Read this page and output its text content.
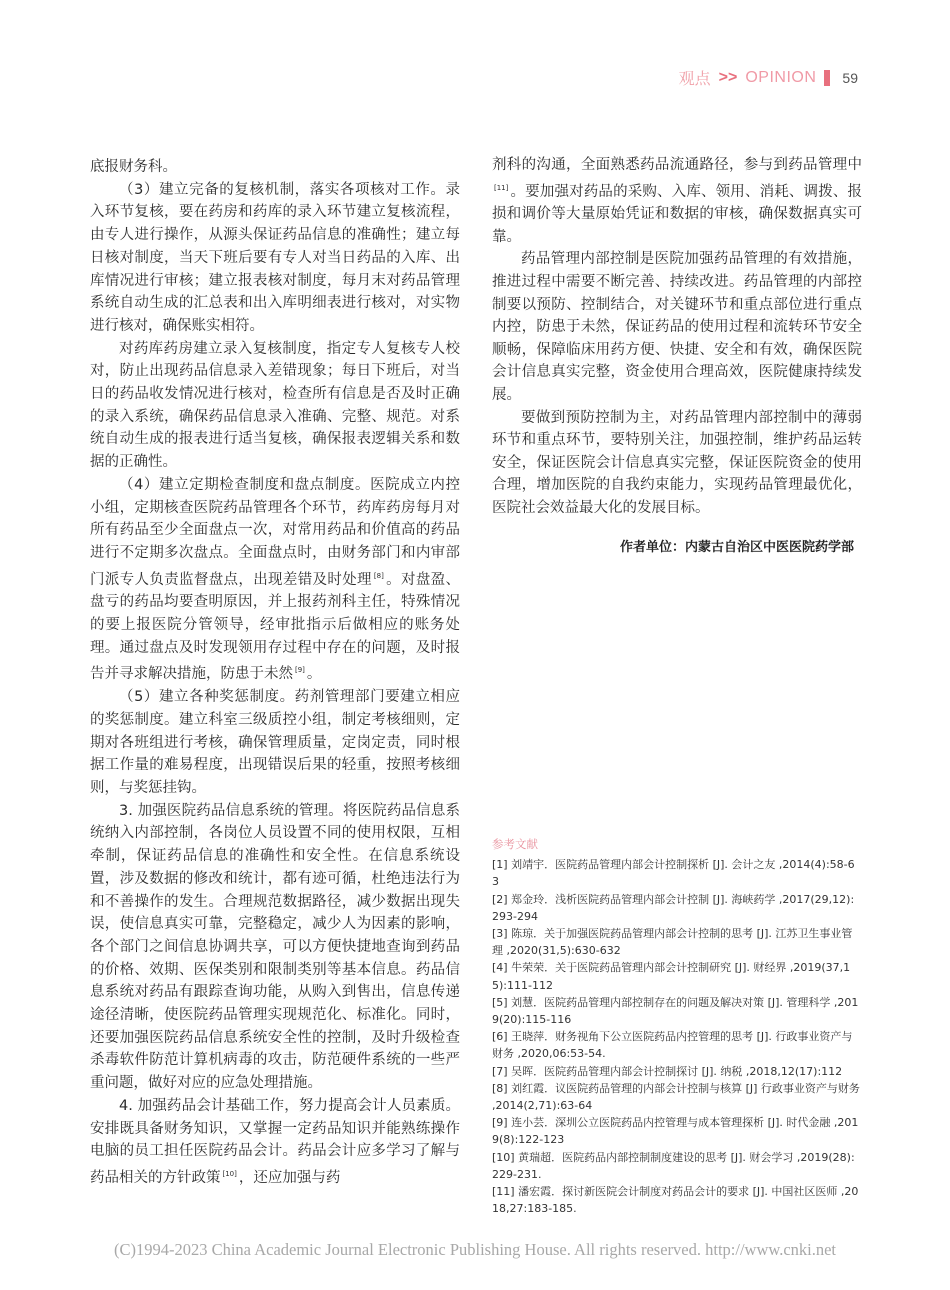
观点 >> OPINION 59

底报财务科。

（3）建立完备的复核机制，落实各项核对工作。录入环节复核，要在药房和药库的录入环节建立复核流程，由专人进行操作，从源头保证药品信息的准确性；建立每日核对制度，当天下班后要有专人对当日药品的入库、出库情况进行审核；建立报表核对制度，每月末对药品管理系统自动生成的汇总表和出入库明细表进行核对，对实物进行核对，确保账实相符。

对药库药房建立录入复核制度，指定专人复核专人校对，防止出现药品信息录入差错现象；每日下班后，对当日的药品收发情况进行核对，检查所有信息是否及时正确的录入系统，确保药品信息录入准确、完整、规范。对系统自动生成的报表进行适当复核，确保报表逻辑关系和数据的正确性。

（4）建立定期检查制度和盘点制度。医院成立内控小组，定期核查医院药品管理各个环节，药库药房每月对所有药品至少全面盘点一次，对常用药品和价值高的药品进行不定期多次盘点。全面盘点时，由财务部门和内审部门派专人负责监督盘点，出现差错及时处理 [8] 。对盘盈、盘亏的药品均要查明原因，并上报药剂科主任，特殊情况的要上报医院分管领导，经审批指示后做相应的账务处理。通过盘点及时发现领用存过程中存在的问题，及时报告并寻求解决措施，防患于未然 [9] 。

（5）建立各种奖惩制度。药剂管理部门要建立相应的奖惩制度。建立科室三级质控小组，制定考核细则，定期对各班组进行考核，确保管理质量，定岗定责，同时根据工作量的难易程度，出现错误后果的轻重，按照考核细则，与奖惩挂钩。

3. 加强医院药品信息系统的管理。将医院药品信息系统纳入内部控制，各岗位人员设置不同的使用权限，互相牵制，保证药品信息的准确性和安全性。在信息系统设置，涉及数据的修改和统计，都有迹可循，杜绝违法行为和不善操作的发生。合理规范数据路径，减少数据出现失误，使信息真实可靠，完整稳定，减少人为因素的影响，各个部门之间信息协调共享，可以方便快捷地查询到药品的价格、效期、医保类别和限制类别等基本信息。药品信息系统对药品有跟踪查询功能，从购入到售出，信息传递途径清晰，使医院药品管理实现规范化、标准化。同时，还要加强医院药品信息系统安全性的控制，及时升级检查杀毒软件防范计算机病毒的攻击，防范硬件系统的一些严重问题，做好对应的应急处理措施。

4. 加强药品会计基础工作，努力提高会计人员素质。安排既具备财务知识，又掌握一定药品知识并能熟练操作电脑的员工担任医院药品会计。药品会计应多学习了解与药品相关的方针政策 [10] ，还应加强与药

剂科的沟通，全面熟悉药品流通路径，参与到药品管理中[11] 。要加强对药品的采购、入库、领用、消耗、调拨、报损和调价等大量原始凭证和数据的审核，确保数据真实可靠。

药品管理内部控制是医院加强药品管理的有效措施，推进过程中需要不断完善、持续改进。药品管理的内部控制要以预防、控制结合，对关键环节和重点部位进行重点内控，防患于未然，保证药品的使用过程和流转环节安全顺畅，保障临床用药方便、快捷、安全和有效，确保医院会计信息真实完整，资金使用合理高效，医院健康持续发展。

要做到预防控制为主，对药品管理内部控制中的薄弱环节和重点环节，要特别关注，加强控制，维护药品运转安全，保证医院会计信息真实完整，保证医院资金的使用合理，增加医院的自我约束能力，实现药品管理最优化，医院社会效益最大化的发展目标。

作者单位：内蒙古自治区中医医院药学部
参考文献
[1] 刘靖宇．医院药品管理内部会计控制探析 [J]. 会计之友 ,2014(4):58-63
[2] 郑金玲．浅析医院药品管理内部会计控制 [J]. 海峡药学 ,2017(29,12):293-294
[3] 陈琼．关于加强医院药品管理内部会计控制的思考 [J]. 江苏卫生事业管理 ,2020(31,5):630-632
[4] 牛荣荣．关于医院药品管理内部会计控制研究 [J]. 财经界 ,2019(37,15):111-112
[5] 刘慧．医院药品管理内部控制存在的问题及解决对策 [J]. 管理科学 ,2019(20):115-116
[6] 王晓萍．财务视角下公立医院药品内控管理的思考 [J]. 行政事业资产与财务 ,2020,06:53-54.
[7] 吴晖．医院药品管理内部会计控制探讨 [J]. 纳税 ,2018,12(17):112
[8] 刘红霞．议医院药品管理的内部会计控制与核算 [J] 行政事业资产与财务 ,2014(2,71):63-64
[9] 连小芸．深圳公立医院药品内控管理与成本管理探析 [J]. 时代金融 ,2019(8):122-123
[10] 黄瑞超．医院药品内部控制制度建设的思考 [J]. 财会学习 ,2019(28):229-231.
[11] 潘宏霞．探讨新医院会计制度对药品会计的要求 [J]. 中国社区医师 ,2018,27:183-185.
(C)1994-2023 China Academic Journal Electronic Publishing House. All rights reserved. http://www.cnki.net
